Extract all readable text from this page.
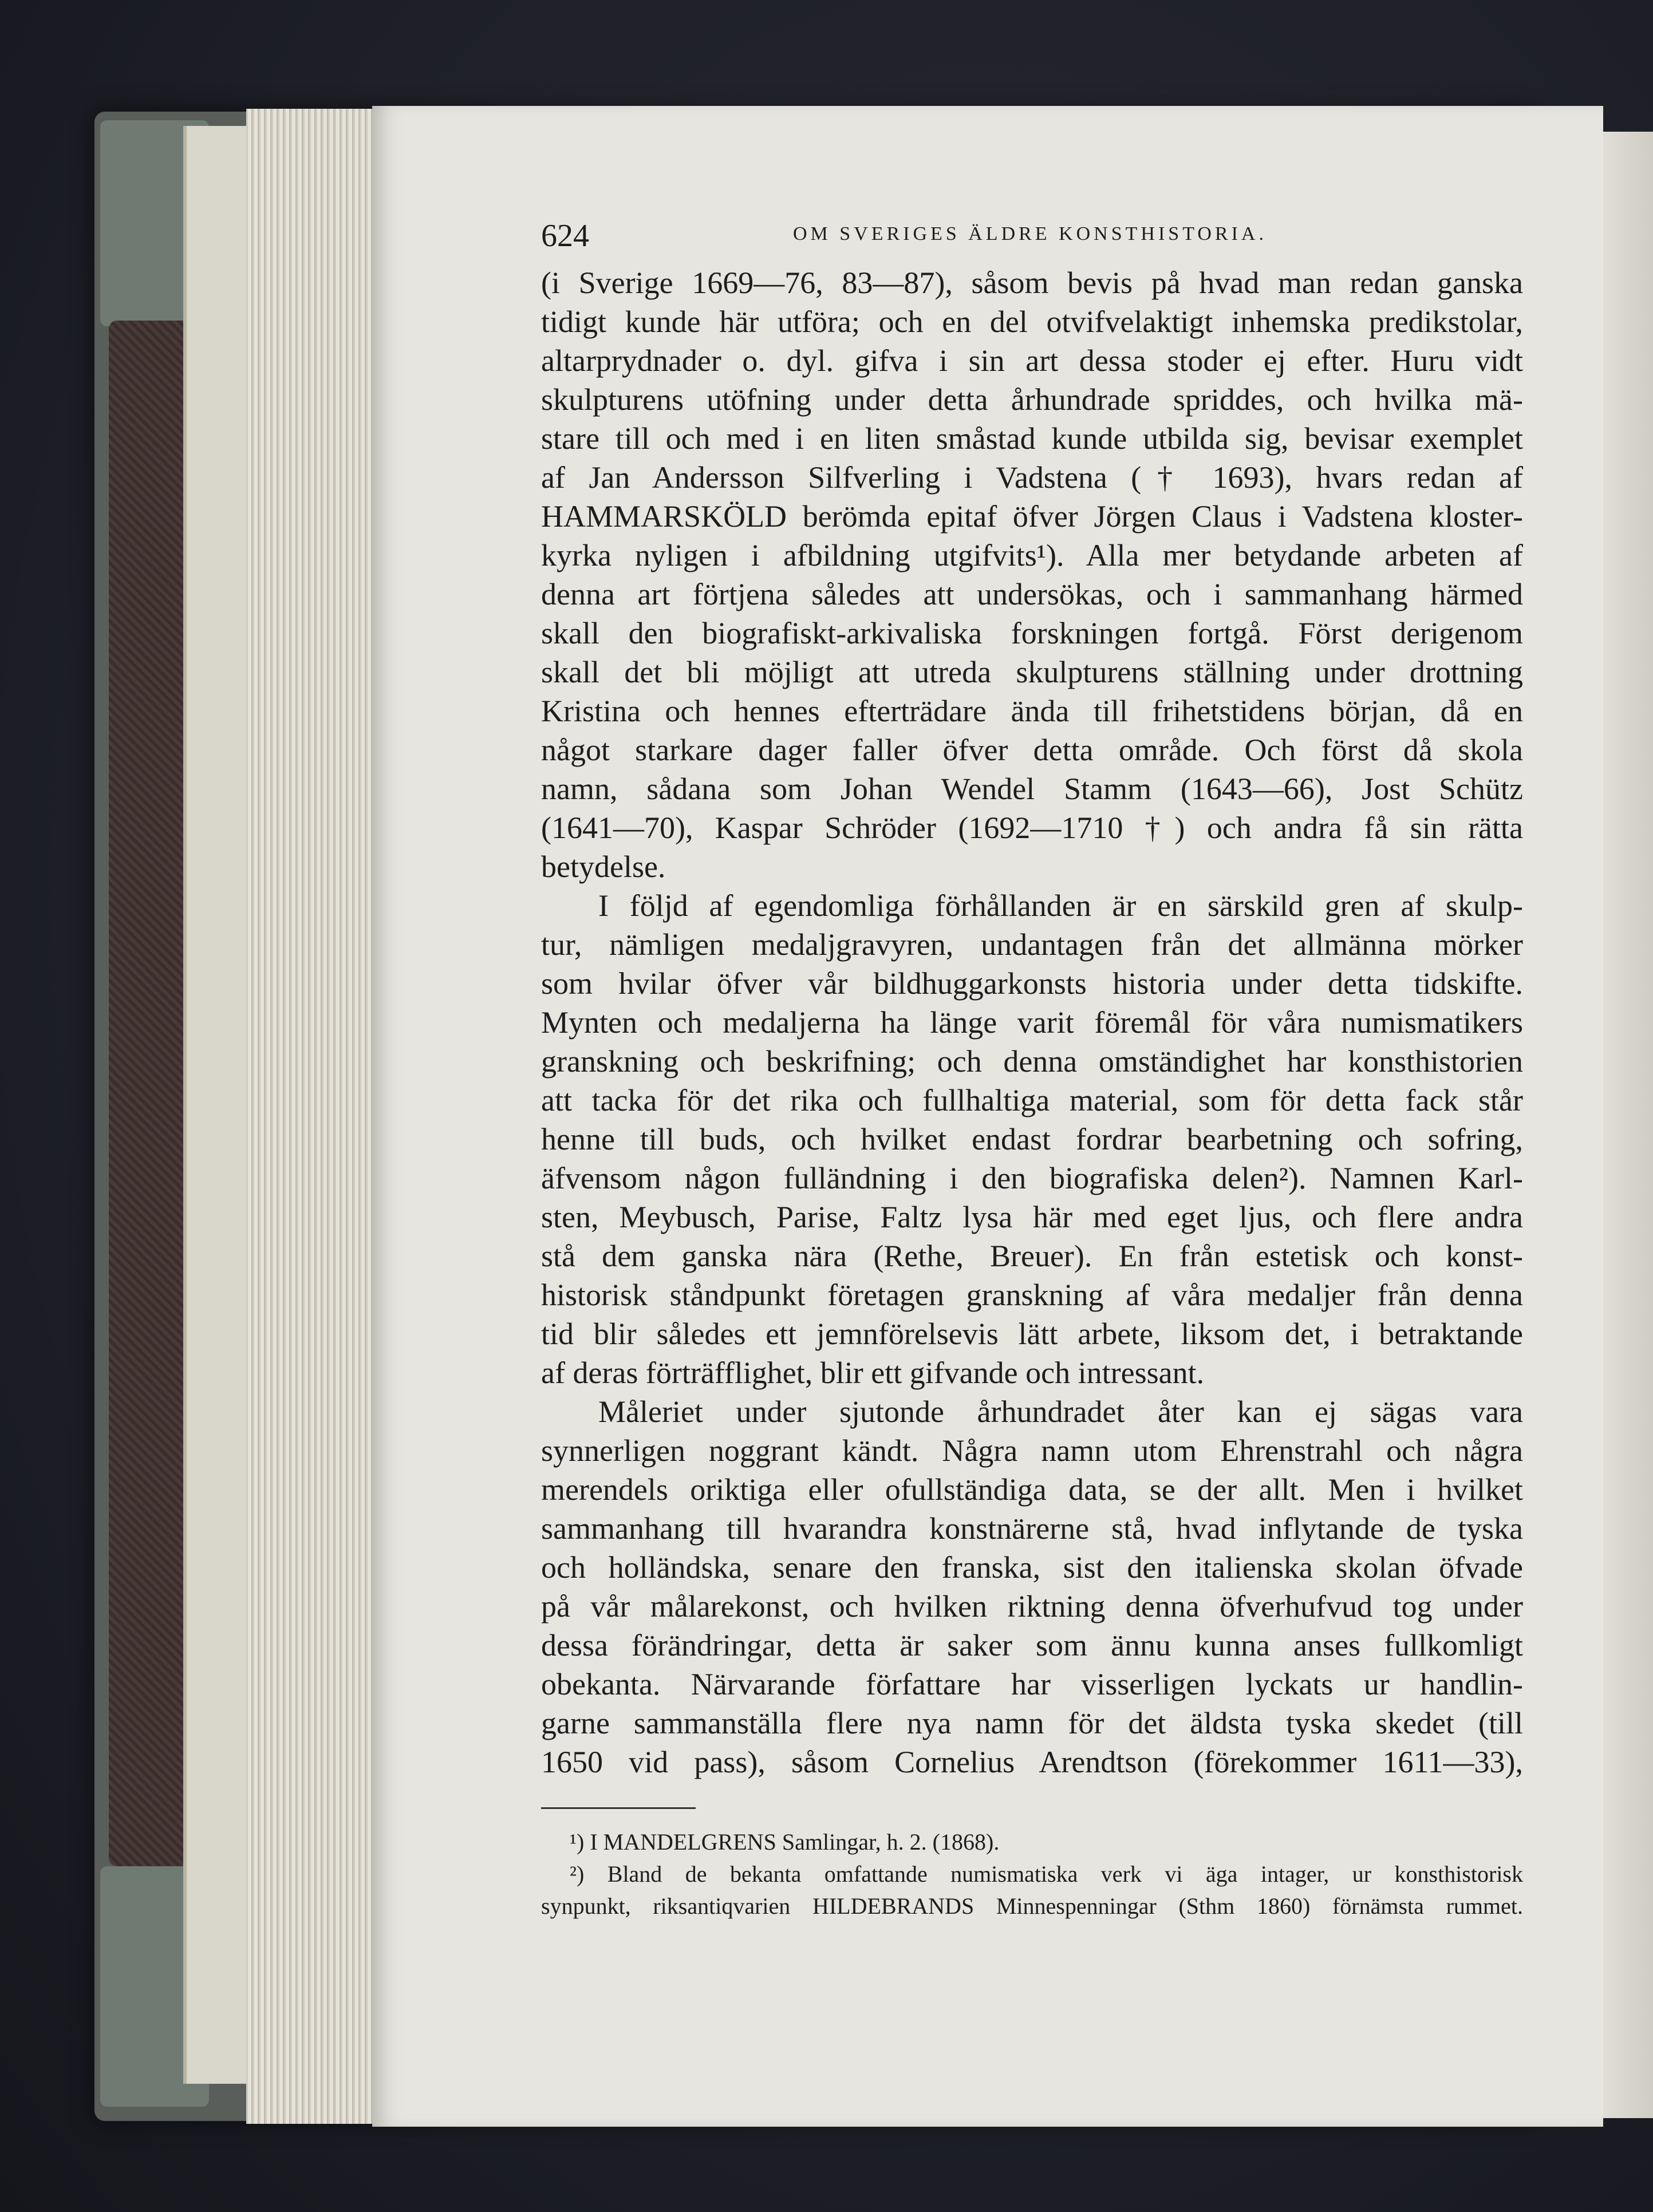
624	OM SVERIGES ÄLDRE KONSTHISTORIA.
(i Sverige 1669—76, 83—87), såsom bevis på hvad man redan ganska
tidigt kunde här utföra; och en del otvifvelaktigt inhemska predikstolar,
altarprydnader o. dyl. gifva i sin art dessa stoder ej efter. Huru vidt
skulpturens utöfning under detta århundrade spriddes, och hvilka mä-
stare till och med i en liten småstad kunde utbilda sig, bevisar exemplet
af Jan Andersson Silfverling i Vadstena († 1693), hvars redan af
HAMMARSKÖLD berömda epitaf öfver Jörgen Claus i Vadstena kloster-
kyrka nyligen i afbildning utgifvits¹). Alla mer betydande arbeten af
denna art förtjena således att undersökas, och i sammanhang härmed
skall den biografiskt-arkivaliska forskningen fortgå. Först derigenom
skall det bli möjligt att utreda skulpturens ställning under drottning
Kristina och hennes efterträdare ända till frihetstidens början, då en
något starkare dager faller öfver detta område. Och först då skola
namn, sådana som Johan Wendel Stamm (1643—66), Jost Schütz
(1641—70), Kaspar Schröder (1692—1710 †) och andra få sin rätta
betydelse.
I följd af egendomliga förhållanden är en särskild gren af skulp-
tur, nämligen medaljgravyren, undantagen från det allmänna mörker
som hvilar öfver vår bildhuggarkonsts historia under detta tidskifte.
Mynten och medaljerna ha länge varit föremål för våra numismatikers
granskning och beskrifning; och denna omständighet har konsthistorien
att tacka för det rika och fullhaltiga material, som för detta fack står
henne till buds, och hvilket endast fordrar bearbetning och sofring,
äfvensom någon fulländning i den biografiska delen²). Namnen Karl-
sten, Meybusch, Parise, Faltz lysa här med eget ljus, och flere andra
stå dem ganska nära (Rethe, Breuer). En från estetisk och konst-
historisk ståndpunkt företagen granskning af våra medaljer från denna
tid blir således ett jemnförelsevis lätt arbete, liksom det, i betraktande
af deras förträfflighet, blir ett gifvande och intressant.
Måleriet under sjutonde århundradet åter kan ej sägas vara
synnerligen noggrant kändt. Några namn utom Ehrenstrahl och några
merendels oriktiga eller ofullständiga data, se der allt. Men i hvilket
sammanhang till hvarandra konstnärerne stå, hvad inflytande de tyska
och holländska, senare den franska, sist den italienska skolan öfvade
på vår målarekonst, och hvilken riktning denna öfverhufvud tog under
dessa förändringar, detta är saker som ännu kunna anses fullkomligt
obekanta. Närvarande författare har visserligen lyckats ur handlin-
garne sammanställa flere nya namn för det äldsta tyska skedet (till
1650 vid pass), såsom Cornelius Arendtson (förekommer 1611—33),
¹) I MANDELGRENS Samlingar, h. 2. (1868).
²) Bland de bekanta omfattande numismatiska verk vi äga intager, ur konsthistorisk
synpunkt, riksantiqvarien HILDEBRANDS Minnespenningar (Sthm 1860) förnämsta rummet.
